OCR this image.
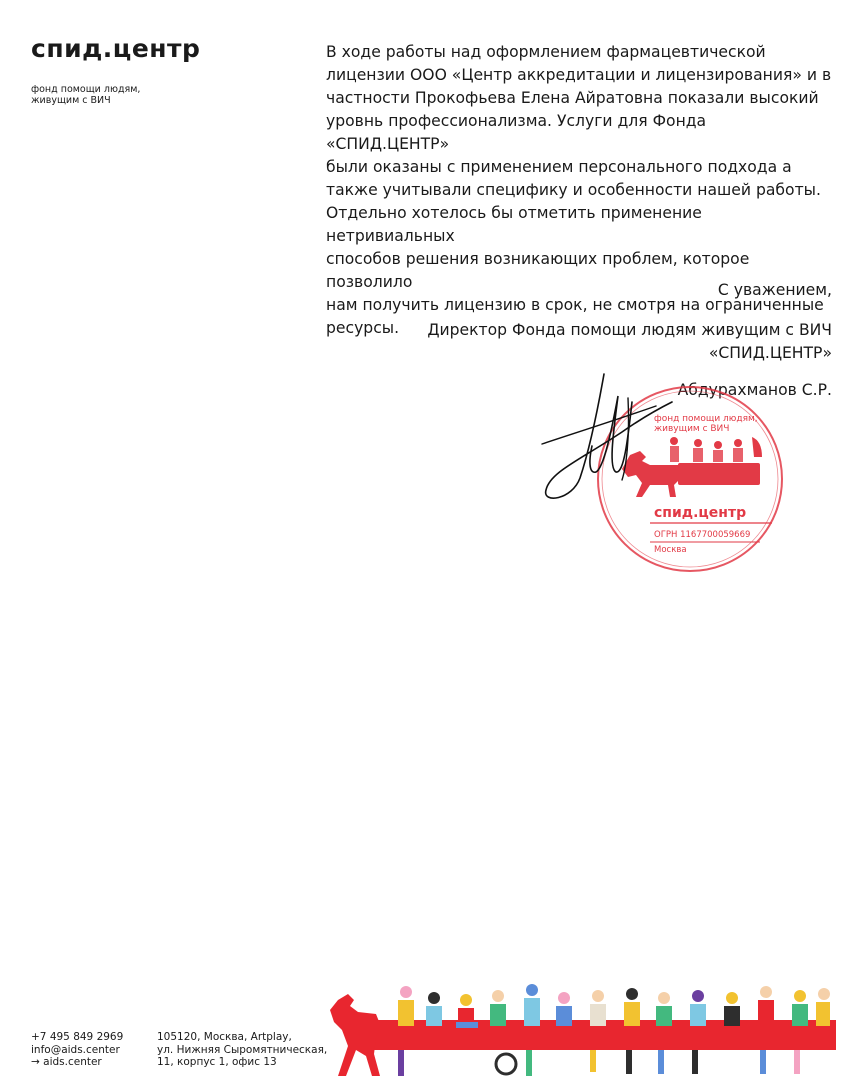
спид.центр
фонд помощи людям,
живущим с ВИЧ
В ходе работы над оформлением фармацевтической
лицензии ООО «Центр аккредитации и лицензирования» и в
частности Прокофьева Елена Айратовна показали высокий
уровнь профессионализма. Услуги для Фонда «СПИД.ЦЕНТР»
были оказаны с применением персонального подхода а
также учитывали специфику и особенности нашей работы.
Отдельно хотелось бы отметить применение нетривиальных
способов решения возникающих проблем, которое позволило
нам получить лицензию в срок, не смотря на ограниченные
ресурсы.
С уважением,
Директор Фонда помощи людям живущим с ВИЧ
«СПИД.ЦЕНТР»
Абдурахманов С.Р.
фонд помощи людям,
живущим с ВИЧ
спид.центр
ОГРН 1167700059669
Москва
+7 495 849 2969
info@aids.center
→ aids.center
105120, Москва, Artplay,
ул. Нижняя Сыромятническая,
11, корпус 1, офис 13
